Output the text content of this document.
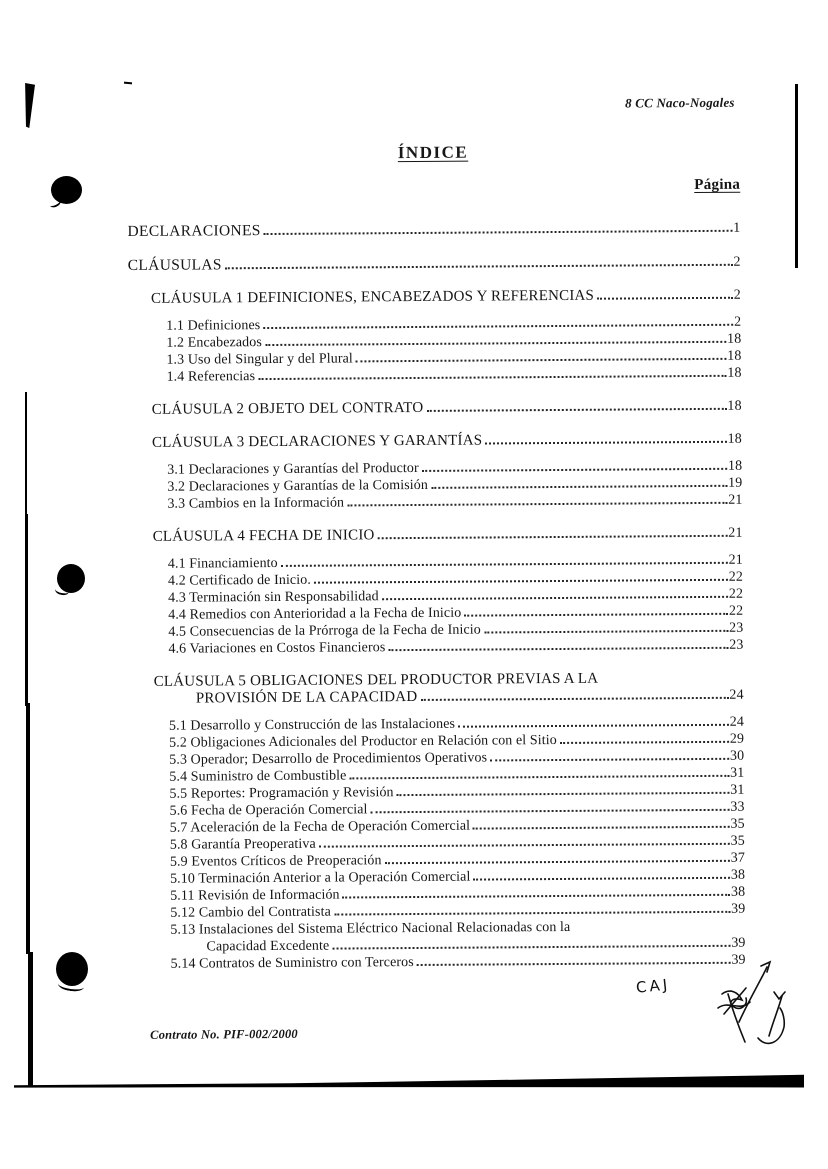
8 CC Naco-Nogales
ÍNDICE
Página
DECLARACIONES	1
CLÁUSULAS	2
CLÁUSULA 1 DEFINICIONES, ENCABEZADOS Y REFERENCIAS	2
1.1 Definiciones	2
1.2 Encabezados	18
1.3 Uso del Singular y del Plural	18
1.4 Referencias	18
CLÁUSULA 2 OBJETO DEL CONTRATO	18
CLÁUSULA 3 DECLARACIONES Y GARANTÍAS	18
3.1 Declaraciones y Garantías del Productor	18
3.2 Declaraciones y Garantías de la Comisión	19
3.3 Cambios en la Información	21
CLÁUSULA 4 FECHA DE INICIO	21
4.1 Financiamiento	21
4.2 Certificado de Inicio.	22
4.3 Terminación sin Responsabilidad	22
4.4 Remedios con Anterioridad a la Fecha de Inicio	22
4.5 Consecuencias de la Prórroga de la Fecha de Inicio	23
4.6 Variaciones en Costos Financieros	23
CLÁUSULA 5 OBLIGACIONES DEL PRODUCTOR PREVIAS A LA
PROVISIÓN DE LA CAPACIDAD	24
5.1 Desarrollo y Construcción de las Instalaciones	24
5.2 Obligaciones Adicionales del Productor en Relación con el Sitio	29
5.3 Operador; Desarrollo de Procedimientos Operativos	30
5.4 Suministro de Combustible	31
5.5 Reportes: Programación y Revisión	31
5.6 Fecha de Operación Comercial	33
5.7 Aceleración de la Fecha de Operación Comercial	35
5.8 Garantía Preoperativa	35
5.9 Eventos Críticos de Preoperación	37
5.10 Terminación Anterior a la Operación Comercial	38
5.11 Revisión de Información	38
5.12 Cambio del Contratista	39
5.13 Instalaciones del Sistema Eléctrico Nacional Relacionadas con la
Capacidad Excedente	39
5.14 Contratos de Suministro con Terceros	39
Contrato No. PIF-002/2000
CAJ
